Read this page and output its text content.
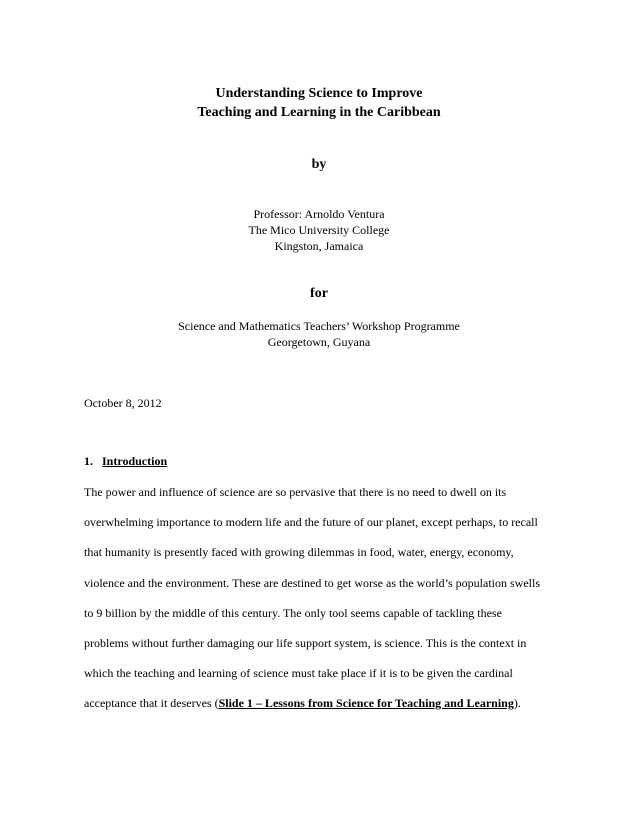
Understanding Science to Improve
Teaching and Learning in the Caribbean
by
Professor: Arnoldo Ventura
The Mico University College
Kingston, Jamaica
for
Science and Mathematics Teachers’ Workshop Programme
Georgetown, Guyana
October 8, 2012
1. Introduction
The power and influence of science are so pervasive that there is no need to dwell on its
overwhelming importance to modern life and the future of our planet, except perhaps, to recall
that humanity is presently faced with growing dilemmas in food, water, energy, economy,
violence and the environment. These are destined to get worse as the world’s population swells
to 9 billion by the middle of this century. The only tool seems capable of tackling these
problems without further damaging our life support system, is science. This is the context in
which the teaching and learning of science must take place if it is to be given the cardinal
acceptance that it deserves (Slide 1 – Lessons from Science for Teaching and Learning).
